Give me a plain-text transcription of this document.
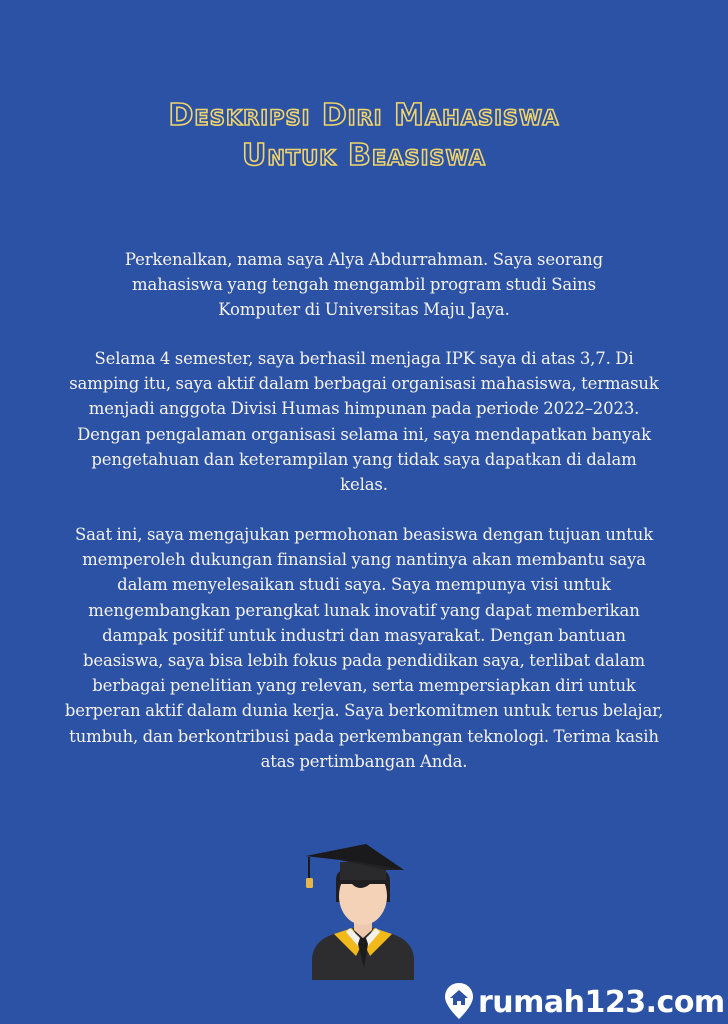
Deskripsi Diri Mahasiswa
Untuk Beasiswa

Perkenalkan, nama saya Alya Abdurrahman. Saya seorang mahasiswa yang tengah mengambil program studi Sains Komputer di Universitas Maju Jaya.

Selama 4 semester, saya berhasil menjaga IPK saya di atas 3,7. Di samping itu, saya aktif dalam berbagai organisasi mahasiswa, termasuk menjadi anggota Divisi Humas himpunan pada periode 2022–2023. Dengan pengalaman organisasi selama ini, saya mendapatkan banyak pengetahuan dan keterampilan yang tidak saya dapatkan di dalam kelas.

Saat ini, saya mengajukan permohonan beasiswa dengan tujuan untuk memperoleh dukungan finansial yang nantinya akan membantu saya dalam menyelesaikan studi saya. Saya mempunya visi untuk mengembangkan perangkat lunak inovatif yang dapat memberikan dampak positif untuk industri dan masyarakat. Dengan bantuan beasiswa, saya bisa lebih fokus pada pendidikan saya, terlibat dalam berbagai penelitian yang relevan, serta mempersiapkan diri untuk berperan aktif dalam dunia kerja. Saya berkomitmen untuk terus belajar, tumbuh, dan berkontribusi pada perkembangan teknologi. Terima kasih atas pertimbangan Anda.

rumah123.com
